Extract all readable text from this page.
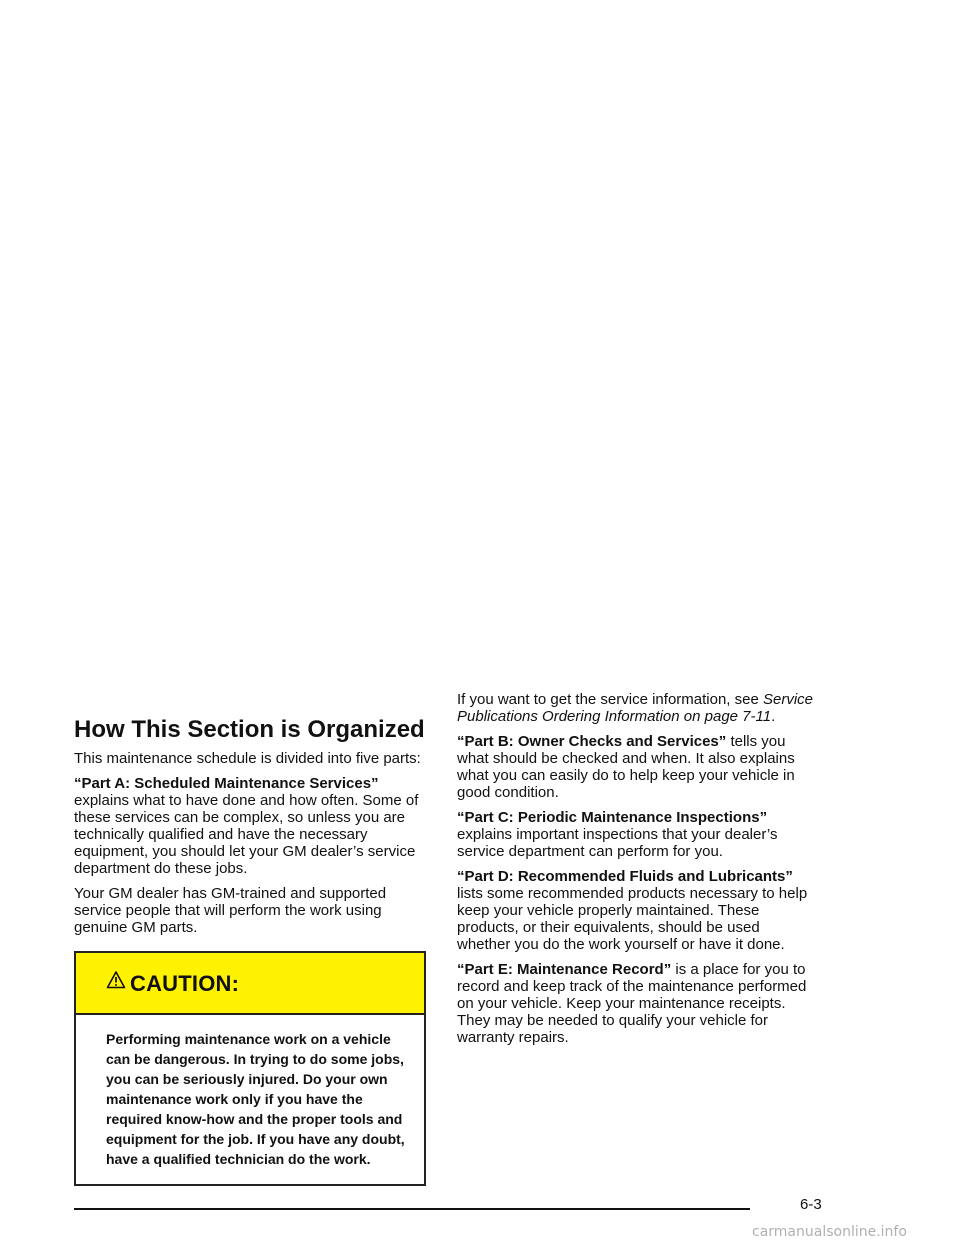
How This Section is Organized

This maintenance schedule is divided into five parts:

“Part A: Scheduled Maintenance Services” explains what to have done and how often. Some of these services can be complex, so unless you are technically qualified and have the necessary equipment, you should let your GM dealer’s service department do these jobs.

Your GM dealer has GM-trained and supported service people that will perform the work using genuine GM parts.

CAUTION:
Performing maintenance work on a vehicle can be dangerous. In trying to do some jobs, you can be seriously injured. Do your own maintenance work only if you have the required know-how and the proper tools and equipment for the job. If you have any doubt, have a qualified technician do the work.

If you want to get the service information, see Service Publications Ordering Information on page 7-11.

“Part B: Owner Checks and Services” tells you what should be checked and when. It also explains what you can easily do to help keep your vehicle in good condition.

“Part C: Periodic Maintenance Inspections” explains important inspections that your dealer’s service department can perform for you.

“Part D: Recommended Fluids and Lubricants” lists some recommended products necessary to help keep your vehicle properly maintained. These products, or their equivalents, should be used whether you do the work yourself or have it done.

“Part E: Maintenance Record” is a place for you to record and keep track of the maintenance performed on your vehicle. Keep your maintenance receipts. They may be needed to qualify your vehicle for warranty repairs.

6-3
carmanualsonline.info
